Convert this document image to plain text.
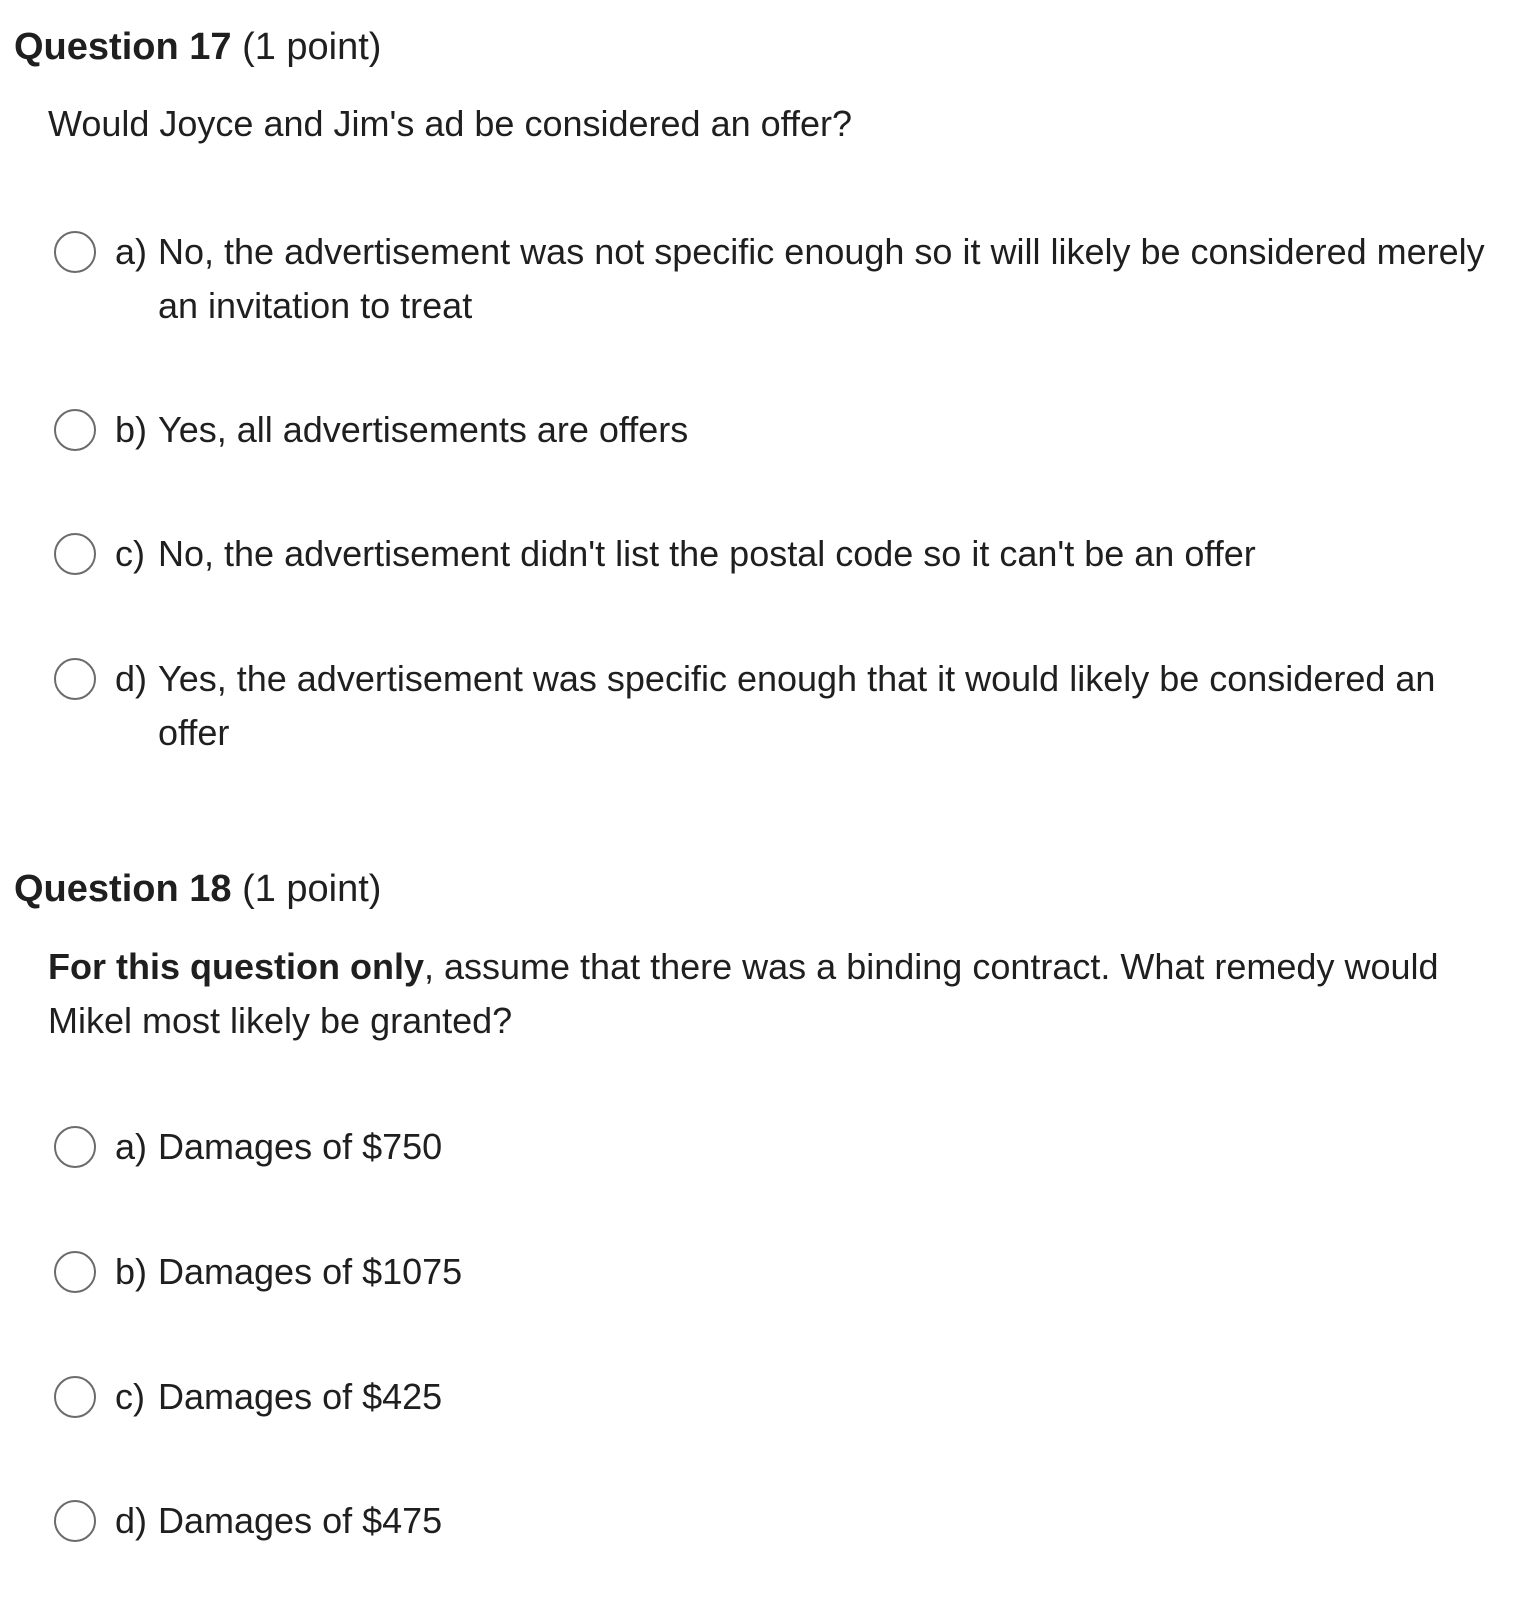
Question 17 (1 point)
Would Joyce and Jim's ad be considered an offer?
a) No, the advertisement was not specific enough so it will likely be considered merely an invitation to treat
b) Yes, all advertisements are offers
c) No, the advertisement didn't list the postal code so it can't be an offer
d) Yes, the advertisement was specific enough that it would likely be considered an offer
Question 18 (1 point)
For this question only, assume that there was a binding contract. What remedy would Mikel most likely be granted?
a) Damages of $750
b) Damages of $1075
c) Damages of $425
d) Damages of $475
